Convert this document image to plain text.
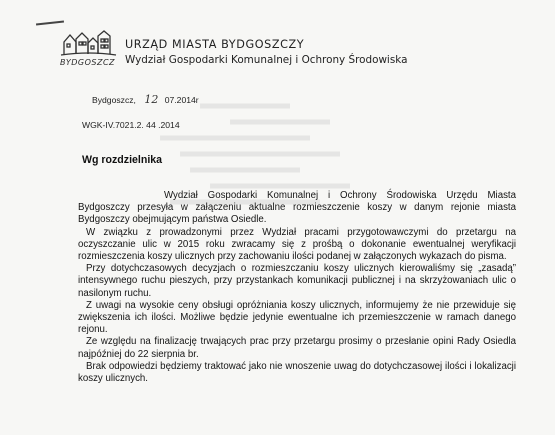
BYDGOSZCZ
URZĄD MIASTA BYDGOSZCZY
Wydział Gospodarki Komunalnej i Ochrony Środowiska
Bydgoszcz, 12 07.2014r
WGK-IV.7021.2. 44 .2014
Wg rozdzielnika

Wydział Gospodarki Komunalnej i Ochrony Środowiska Urzędu Miasta Bydgoszczy przesyła w załączeniu aktualne rozmieszczenie koszy w danym rejonie miasta Bydgoszczy obejmującym państwa Osiedle.

W związku z prowadzonymi przez Wydział pracami przygotowawczymi do przetargu na oczyszczanie ulic w 2015 roku zwracamy się z prośbą o dokonanie ewentualnej weryfikacji rozmieszczenia koszy ulicznych przy zachowaniu ilości podanej w załączonych wykazach do pisma.

Przy dotychczasowych decyzjach o rozmieszczaniu koszy ulicznych kierowaliśmy się „zasadą” intensywnego ruchu pieszych, przy przystankach komunikacji publicznej i na skrzyżowaniach ulic o nasilonym ruchu.

Z uwagi na wysokie ceny obsługi opróżniania koszy ulicznych, informujemy że nie przewiduje się zwiększenia ich ilości. Możliwe będzie jedynie ewentualne ich przemieszczenie w ramach danego rejonu.

Ze względu na finalizację trwających prac przy przetargu prosimy o przesłanie opini Rady Osiedla najpóźniej do 22 sierpnia br.

Brak odpowiedzi będziemy traktować jako nie wnoszenie uwag do dotychczasowej ilości i lokalizacji koszy ulicznych.
